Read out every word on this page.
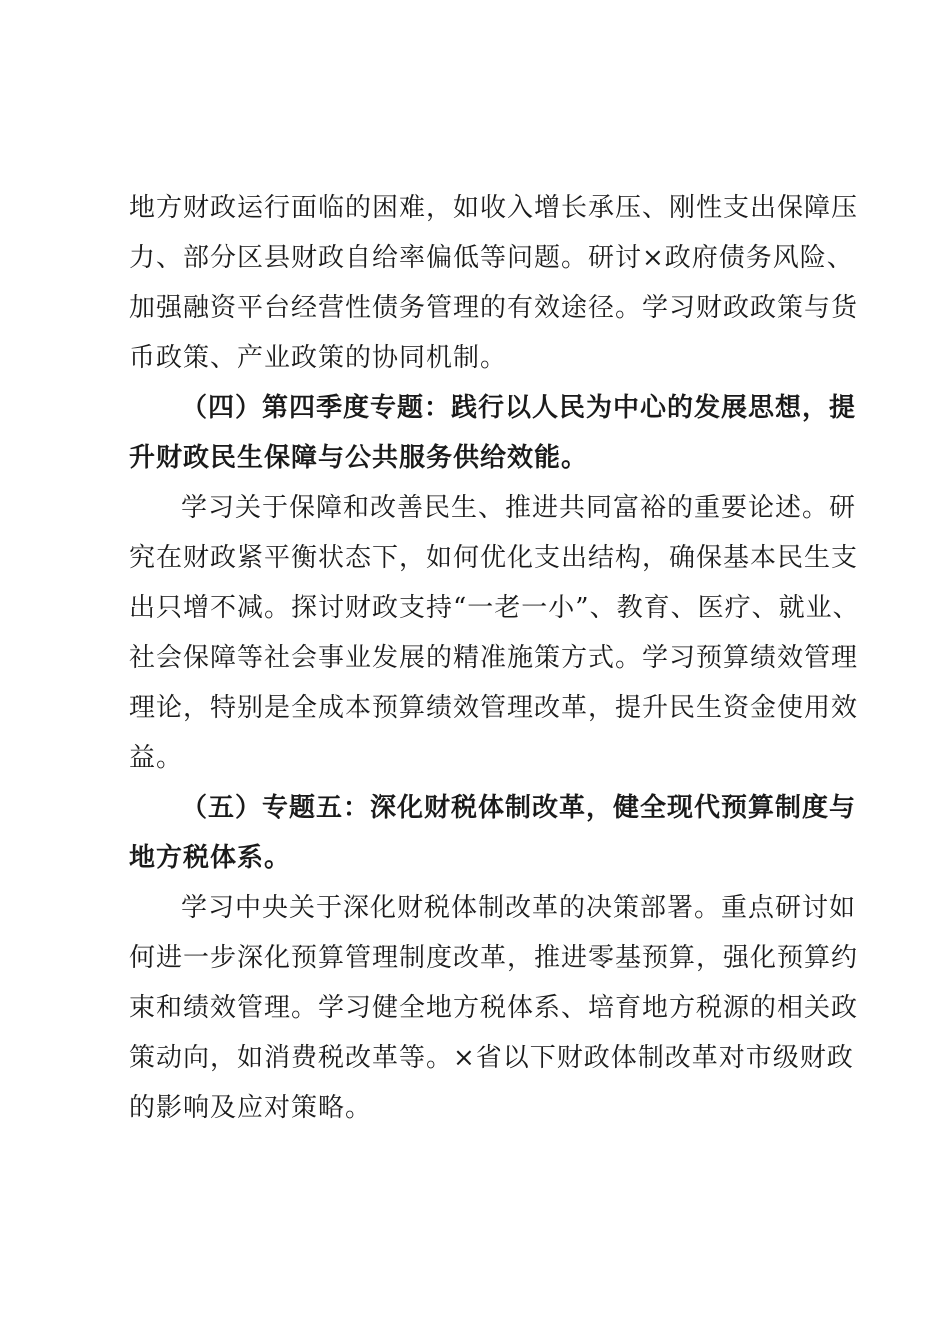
地方财政运行面临的困难，如收入增长承压、刚性支出保障压
力、部分区县财政自给率偏低等问题。研讨×政府债务风险、
加强融资平台经营性债务管理的有效途径。学习财政政策与货
币政策、产业政策的协同机制。
（四）第四季度专题：践行以人民为中心的发展思想，提
升财政民生保障与公共服务供给效能。
学习关于保障和改善民生、推进共同富裕的重要论述。研
究在财政紧平衡状态下，如何优化支出结构，确保基本民生支
出只增不减。探讨财政支持“一老一小”、教育、医疗、就业、
社会保障等社会事业发展的精准施策方式。学习预算绩效管理
理论，特别是全成本预算绩效管理改革，提升民生资金使用效
益。
（五）专题五：深化财税体制改革，健全现代预算制度与
地方税体系。
学习中央关于深化财税体制改革的决策部署。重点研讨如
何进一步深化预算管理制度改革，推进零基预算，强化预算约
束和绩效管理。学习健全地方税体系、培育地方税源的相关政
策动向，如消费税改革等。×省以下财政体制改革对市级财政
的影响及应对策略。
